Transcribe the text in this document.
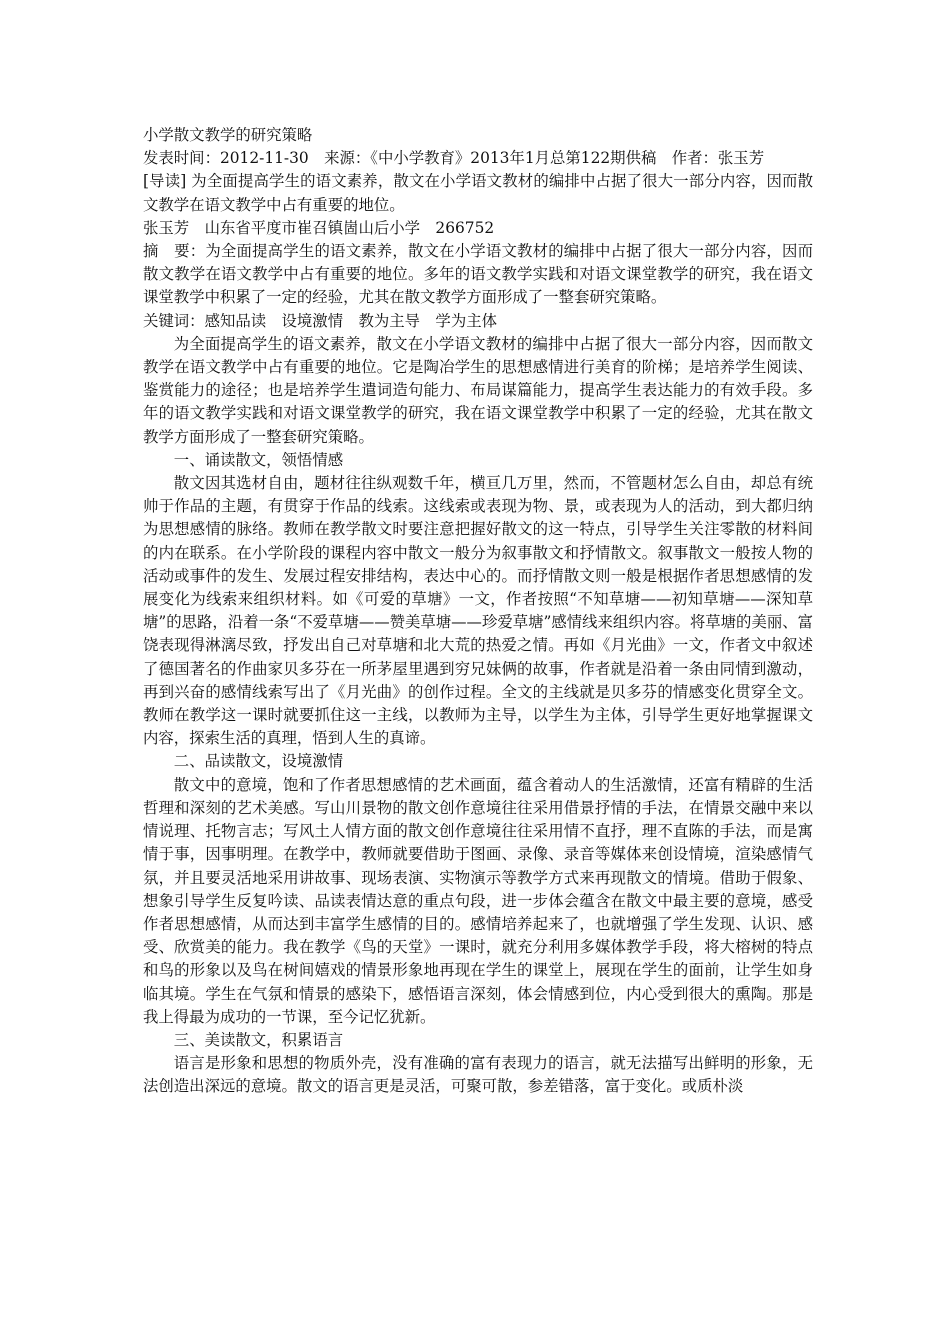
小学散文教学的研究策略

发表时间：2012-11-30　来源：《中小学教育》2013年1月总第122期供稿　作者：张玉芳

[导读] 为全面提高学生的语文素养，散文在小学语文教材的编排中占据了很大一部分内容，因而散文教学在语文教学中占有重要的地位。

张玉芳　山东省平度市崔召镇崮山后小学　266752

摘　要：为全面提高学生的语文素养，散文在小学语文教材的编排中占据了很大一部分内容，因而散文教学在语文教学中占有重要的地位。多年的语文教学实践和对语文课堂教学的研究，我在语文课堂教学中积累了一定的经验，尤其在散文教学方面形成了一整套研究策略。

关键词：感知品读　设境激情　教为主导　学为主体

为全面提高学生的语文素养，散文在小学语文教材的编排中占据了很大一部分内容，因而散文教学在语文教学中占有重要的地位。它是陶冶学生的思想感情进行美育的阶梯；是培养学生阅读、鉴赏能力的途径；也是培养学生遣词造句能力、布局谋篇能力，提高学生表达能力的有效手段。多年的语文教学实践和对语文课堂教学的研究，我在语文课堂教学中积累了一定的经验，尤其在散文教学方面形成了一整套研究策略。

一、诵读散文，领悟情感

散文因其选材自由，题材往往纵观数千年，横亘几万里，然而，不管题材怎么自由，却总有统帅于作品的主题，有贯穿于作品的线索。这线索或表现为物、景，或表现为人的活动，到大都归纳为思想感情的脉络。教师在教学散文时要注意把握好散文的这一特点，引导学生关注零散的材料间的内在联系。在小学阶段的课程内容中散文一般分为叙事散文和抒情散文。叙事散文一般按人物的活动或事件的发生、发展过程安排结构，表达中心的。而抒情散文则一般是根据作者思想感情的发展变化为线索来组织材料。如《可爱的草塘》一文，作者按照“不知草塘——初知草塘——深知草塘”的思路，沿着一条“不爱草塘——赞美草塘——珍爱草塘”感情线来组织内容。将草塘的美丽、富饶表现得淋漓尽致，抒发出自己对草塘和北大荒的热爱之情。再如《月光曲》一文，作者文中叙述了德国著名的作曲家贝多芬在一所茅屋里遇到穷兄妹俩的故事，作者就是沿着一条由同情到激动，再到兴奋的感情线索写出了《月光曲》的创作过程。全文的主线就是贝多芬的情感变化贯穿全文。教师在教学这一课时就要抓住这一主线，以教师为主导，以学生为主体，引导学生更好地掌握课文内容，探索生活的真理，悟到人生的真谛。

二、品读散文，设境激情

散文中的意境，饱和了作者思想感情的艺术画面，蕴含着动人的生活激情，还富有精辟的生活哲理和深刻的艺术美感。写山川景物的散文创作意境往往采用借景抒情的手法，在情景交融中来以情说理、托物言志；写风土人情方面的散文创作意境往往采用情不直抒，理不直陈的手法，而是寓情于事，因事明理。在教学中，教师就要借助于图画、录像、录音等媒体来创设情境，渲染感情气氛，并且要灵活地采用讲故事、现场表演、实物演示等教学方式来再现散文的情境。借助于假象、想象引导学生反复吟读、品读表情达意的重点句段，进一步体会蕴含在散文中最主要的意境，感受作者思想感情，从而达到丰富学生感情的目的。感情培养起来了，也就增强了学生发现、认识、感受、欣赏美的能力。我在教学《鸟的天堂》一课时，就充分利用多媒体教学手段，将大榕树的特点和鸟的形象以及鸟在树间嬉戏的情景形象地再现在学生的课堂上，展现在学生的面前，让学生如身临其境。学生在气氛和情景的感染下，感悟语言深刻，体会情感到位，内心受到很大的熏陶。那是我上得最为成功的一节课，至今记忆犹新。

三、美读散文，积累语言

语言是形象和思想的物质外壳，没有准确的富有表现力的语言，就无法描写出鲜明的形象，无法创造出深远的意境。散文的语言更是灵活，可聚可散，参差错落，富于变化。或质朴淡
